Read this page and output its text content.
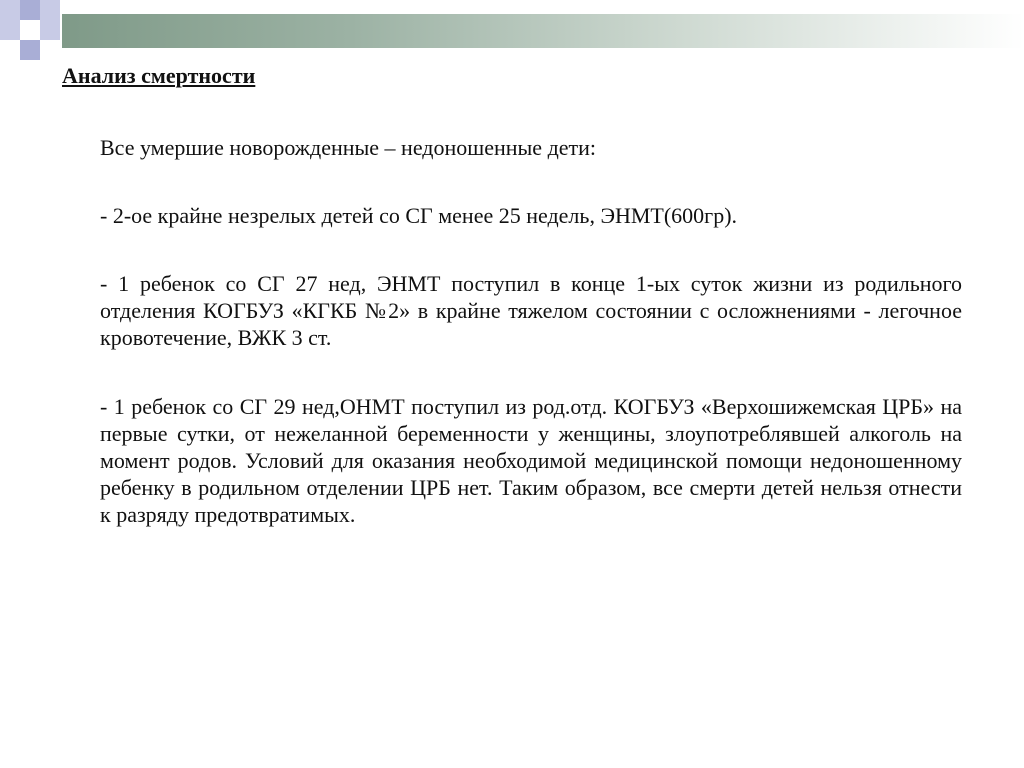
Анализ смертности
Все умершие новорожденные – недоношенные дети:
- 2-ое крайне незрелых детей со СГ менее 25 недель, ЭНМТ(600гр).
- 1 ребенок со СГ 27 нед, ЭНМТ поступил в конце 1-ых суток жизни из родильного отделения КОГБУЗ «КГКБ №2» в крайне тяжелом состоянии с осложнениями - легочное кровотечение, ВЖК 3 ст.
- 1 ребенок со СГ 29 нед,ОНМТ поступил из род.отд. КОГБУЗ «Верхошижемская ЦРБ» на первые сутки, от нежеланной беременности у женщины, злоупотреблявшей алкоголь на момент родов. Условий для оказания необходимой медицинской помощи недоношенному ребенку в родильном отделении ЦРБ нет. Таким образом, все смерти детей нельзя отнести к разряду предотвратимых.
